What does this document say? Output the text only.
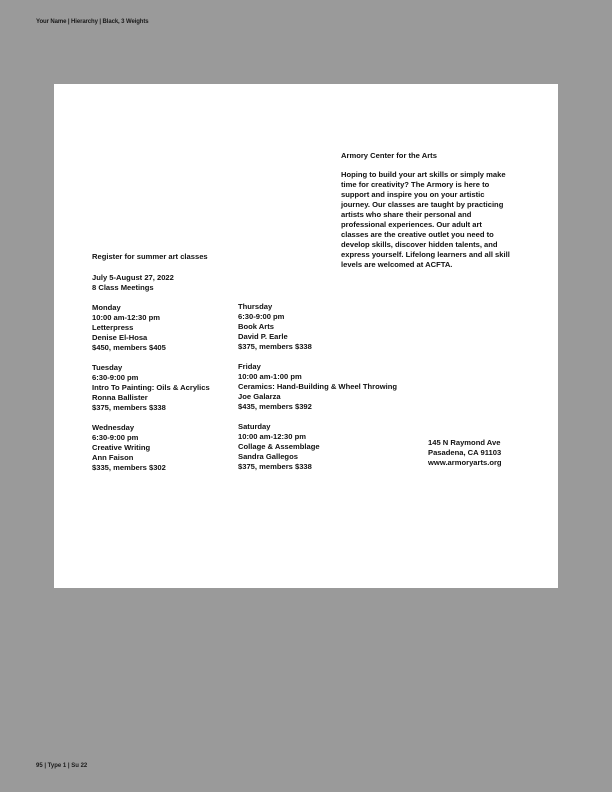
Your Name | Hierarchy | Black, 3 Weights
Armory Center for the Arts
Hoping to build your art skills or simply make time for creativity? The Armory is here to support and inspire you on your artistic journey. Our classes are taught by practicing artists who share their personal and professional experiences. Our adult art classes are the creative outlet you need to develop skills, discover hidden talents, and express yourself. Lifelong learners and all skill levels are welcomed at ACFTA.
Register for summer art classes
July 5-August 27, 2022
8 Class Meetings
Monday
10:00 am-12:30 pm
Letterpress
Denise El-Hosa
$450, members $405
Tuesday
6:30-9:00 pm
Intro To Painting: Oils & Acrylics
Ronna Ballister
$375, members $338
Wednesday
6:30-9:00 pm
Creative Writing
Ann Faison
$335, members $302
Thursday
6:30-9:00 pm
Book Arts
David P. Earle
$375, members $338
Friday
10:00 am-1:00 pm
Ceramics: Hand-Building & Wheel Throwing
Joe Galarza
$435, members $392
Saturday
10:00 am-12:30 pm
Collage & Assemblage
Sandra Gallegos
$375, members $338
145 N Raymond Ave
Pasadena, CA 91103
www.armoryarts.org
95 | Type 1 | Su 22
